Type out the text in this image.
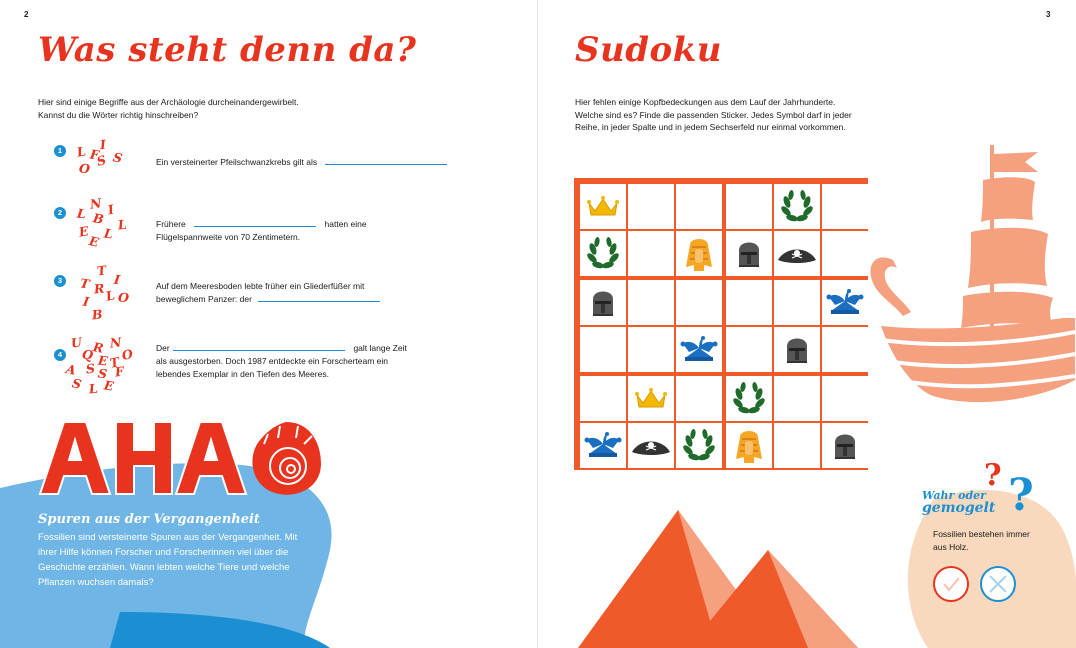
2
Was steht denn da?
Hier sind einige Begriffe aus der Archäologie durcheinandergewirbelt.
Kannst du die Wörter richtig hinschreiben?
1	L F
I
S
S
O	Ein versteinerter Pfeilschwanzkrebs gilt als
2
N
L I
B L
L
E
E
Frühere	hatten eine
Flügelspannweite von 70 Zentimetern.
3
T
T R
I
L O
B
I
Auf dem Meeresboden lebte früher ein Gliederfüßer mit
beweglichem Panzer: der
4
U R N
Q O
E T
A S S F
S L E
Der	galt lange Zeit
als ausgestorben. Doch 1987 entdeckte ein Forscherteam ein
lebendes Exemplar in den Tiefen des Meeres.
AHA
Spuren aus der Vergangenheit
Fossilien sind versteinerte Spuren aus der Vergangenheit. Mit ihrer Hilfe können Forscher und Forscherinnen viel über die Geschichte erzählen. Wann lebten welche Tiere und welche Pflanzen wuchsen damals?
3
Sudoku
Hier fehlen einige Kopfbedeckungen aus dem Lauf der Jahrhunderte.
Welche sind es? Finde die passenden Sticker. Jedes Symbol darf in jeder
Reihe, in jeder Spalte und in jedem Sechserfeld nur einmal vorkommen.
Wahr oder
gemogelt
? ?
Fossilien bestehen immer aus Holz.
